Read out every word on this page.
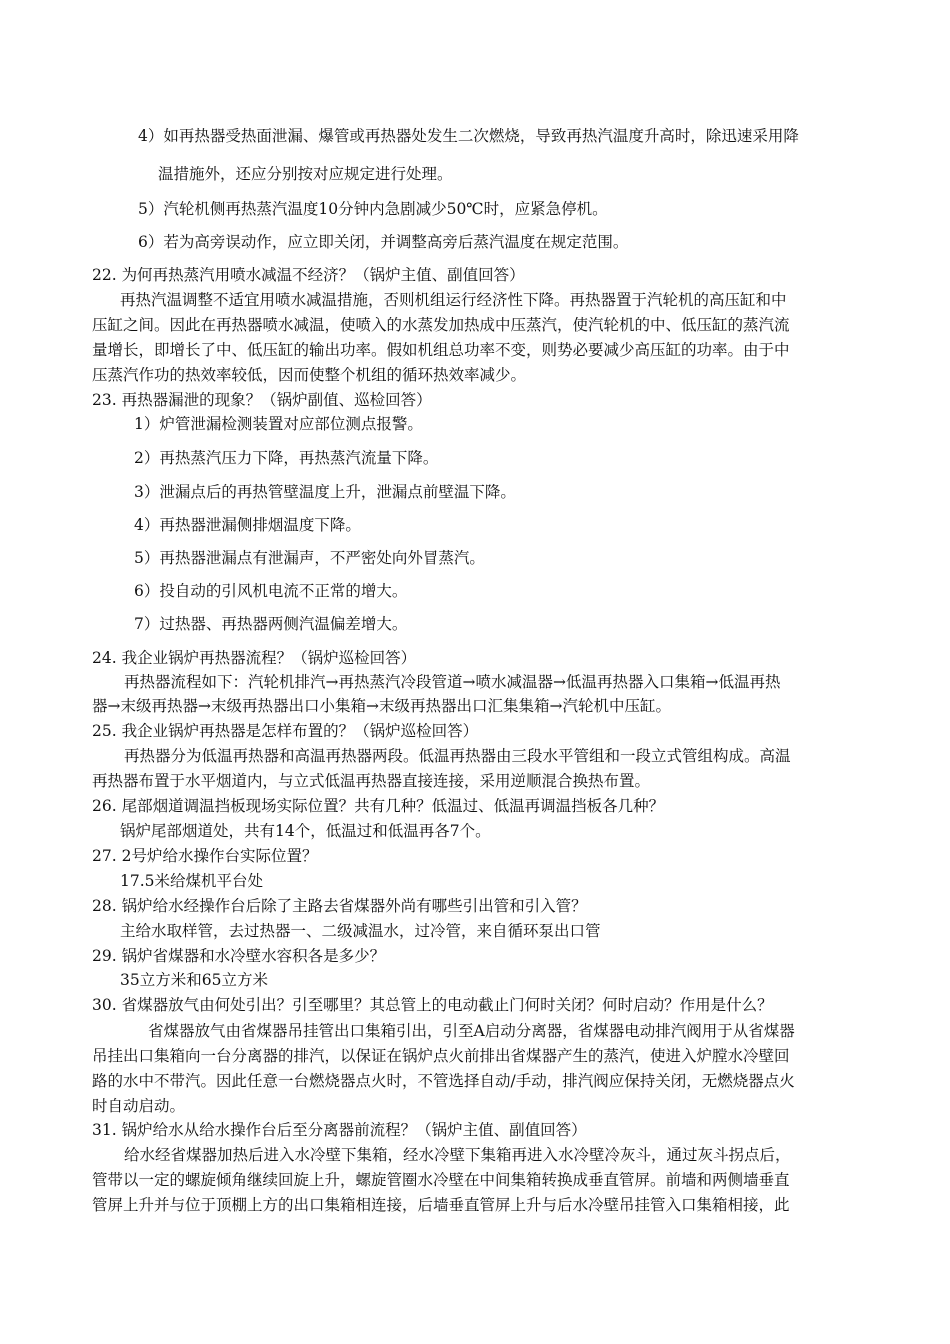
4）如再热器受热面泄漏、爆管或再热器处发生二次燃烧，导致再热汽温度升高时，除迅速采用降
温措施外，还应分别按对应规定进行处理。
5）汽轮机侧再热蒸汽温度10分钟内急剧减少50℃时，应紧急停机。
6）若为高旁误动作，应立即关闭，并调整高旁后蒸汽温度在规定范围。
22. 为何再热蒸汽用喷水减温不经济？（锅炉主值、副值回答）
再热汽温调整不适宜用喷水减温措施，否则机组运行经济性下降。再热器置于汽轮机的高压缸和中
压缸之间。因此在再热器喷水减温，使喷入的水蒸发加热成中压蒸汽，使汽轮机的中、低压缸的蒸汽流
量增长，即增长了中、低压缸的输出功率。假如机组总功率不变，则势必要减少高压缸的功率。由于中
压蒸汽作功的热效率较低，因而使整个机组的循环热效率减少。
23. 再热器漏泄的现象？（锅炉副值、巡检回答）
1）炉管泄漏检测装置对应部位测点报警。
2）再热蒸汽压力下降，再热蒸汽流量下降。
3）泄漏点后的再热管壁温度上升，泄漏点前壁温下降。
4）再热器泄漏侧排烟温度下降。
5）再热器泄漏点有泄漏声，不严密处向外冒蒸汽。
6）投自动的引风机电流不正常的增大。
7）过热器、再热器两侧汽温偏差增大。
24. 我企业锅炉再热器流程？（锅炉巡检回答）
再热器流程如下：汽轮机排汽→再热蒸汽冷段管道→喷水减温器→低温再热器入口集箱→低温再热
器→末级再热器→末级再热器出口小集箱→末级再热器出口汇集集箱→汽轮机中压缸。
25. 我企业锅炉再热器是怎样布置的？（锅炉巡检回答）
再热器分为低温再热器和高温再热器两段。低温再热器由三段水平管组和一段立式管组构成。高温
再热器布置于水平烟道内，与立式低温再热器直接连接，采用逆顺混合换热布置。
26. 尾部烟道调温挡板现场实际位置？共有几种？低温过、低温再调温挡板各几种？
锅炉尾部烟道处，共有14个，低温过和低温再各7个。
27. 2号炉给水操作台实际位置？
17.5米给煤机平台处
28. 锅炉给水经操作台后除了主路去省煤器外尚有哪些引出管和引入管？
主给水取样管，去过热器一、二级减温水，过冷管，来自循环泵出口管
29. 锅炉省煤器和水冷壁水容积各是多少？
35立方米和65立方米
30. 省煤器放气由何处引出？引至哪里？其总管上的电动截止门何时关闭？何时启动？作用是什么？
省煤器放气由省煤器吊挂管出口集箱引出，引至A启动分离器，省煤器电动排汽阀用于从省煤器
吊挂出口集箱向一台分离器的排汽，以保证在锅炉点火前排出省煤器产生的蒸汽，使进入炉膛水冷壁回
路的水中不带汽。因此任意一台燃烧器点火时，不管选择自动/手动，排汽阀应保持关闭，无燃烧器点火
时自动启动。
31. 锅炉给水从给水操作台后至分离器前流程？（锅炉主值、副值回答）
给水经省煤器加热后进入水冷壁下集箱，经水冷壁下集箱再进入水冷壁冷灰斗，通过灰斗拐点后，
管带以一定的螺旋倾角继续回旋上升，螺旋管圈水冷壁在中间集箱转换成垂直管屏。前墙和两侧墙垂直
管屏上升并与位于顶棚上方的出口集箱相连接，后墙垂直管屏上升与后水冷壁吊挂管入口集箱相接，此
